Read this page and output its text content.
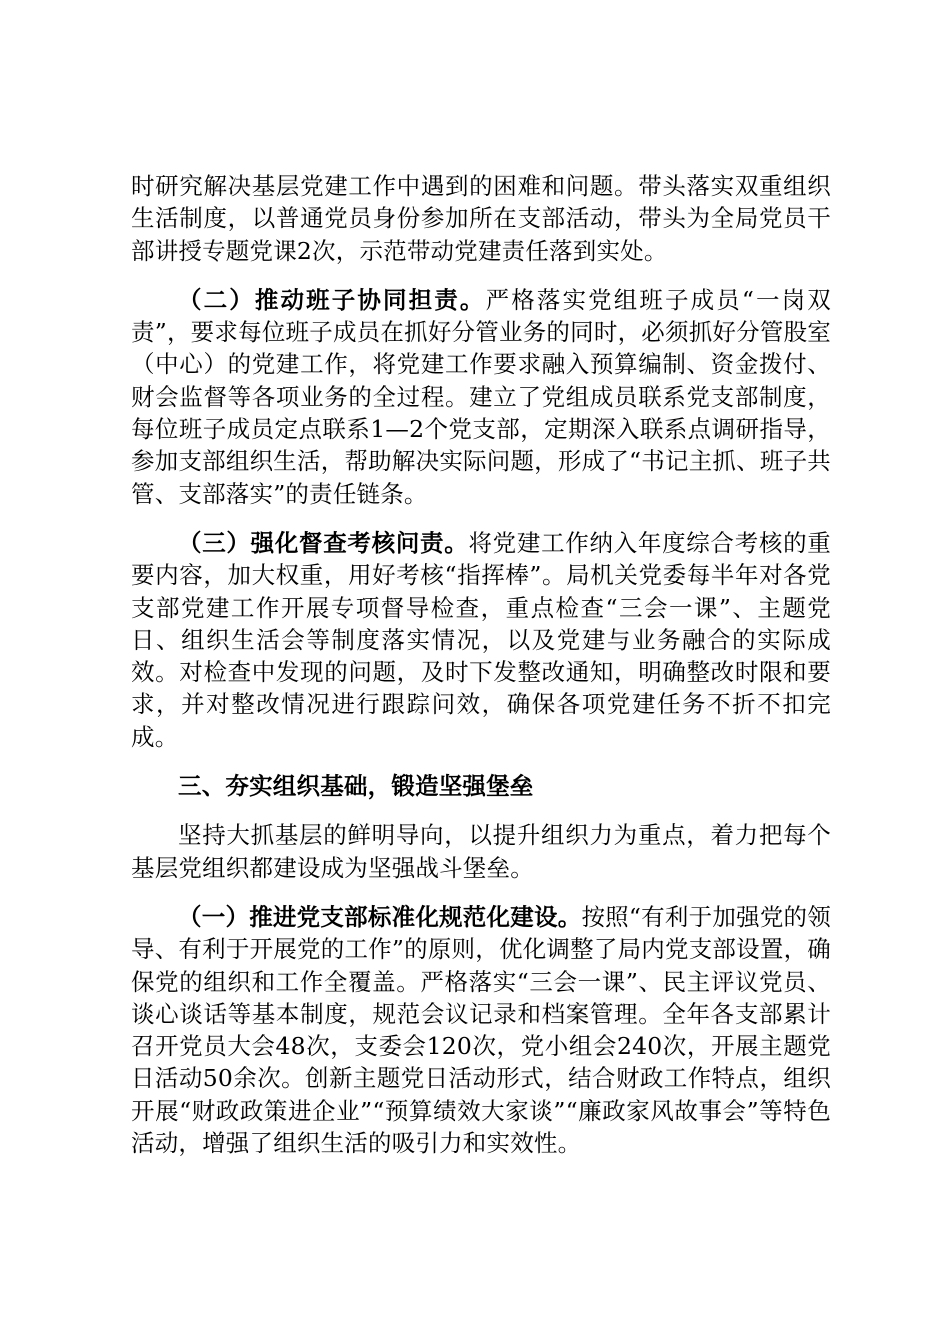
时研究解决基层党建工作中遇到的困难和问题。带头落实双重组织生活制度，以普通党员身份参加所在支部活动，带头为全局党员干部讲授专题党课2次，示范带动党建责任落到实处。

（二）推动班子协同担责。严格落实党组班子成员“一岗双责”，要求每位班子成员在抓好分管业务的同时，必须抓好分管股室（中心）的党建工作，将党建工作要求融入预算编制、资金拨付、财会监督等各项业务的全过程。建立了党组成员联系党支部制度，每位班子成员定点联系1—2个党支部，定期深入联系点调研指导，参加支部组织生活，帮助解决实际问题，形成了“书记主抓、班子共管、支部落实”的责任链条。

（三）强化督查考核问责。将党建工作纳入年度综合考核的重要内容，加大权重，用好考核“指挥棒”。局机关党委每半年对各党支部党建工作开展专项督导检查，重点检查“三会一课”、主题党日、组织生活会等制度落实情况，以及党建与业务融合的实际成效。对检查中发现的问题，及时下发整改通知，明确整改时限和要求，并对整改情况进行跟踪问效，确保各项党建任务不折不扣完成。

三、夯实组织基础，锻造坚强堡垒

坚持大抓基层的鲜明导向，以提升组织力为重点，着力把每个基层党组织都建设成为坚强战斗堡垒。

（一）推进党支部标准化规范化建设。按照“有利于加强党的领导、有利于开展党的工作”的原则，优化调整了局内党支部设置，确保党的组织和工作全覆盖。严格落实“三会一课”、民主评议党员、谈心谈话等基本制度，规范会议记录和档案管理。全年各支部累计召开党员大会48次，支委会120次，党小组会240次，开展主题党日活动50余次。创新主题党日活动形式，结合财政工作特点，组织开展“财政政策进企业”“预算绩效大家谈”“廉政家风故事会”等特色活动，增强了组织生活的吸引力和实效性。
